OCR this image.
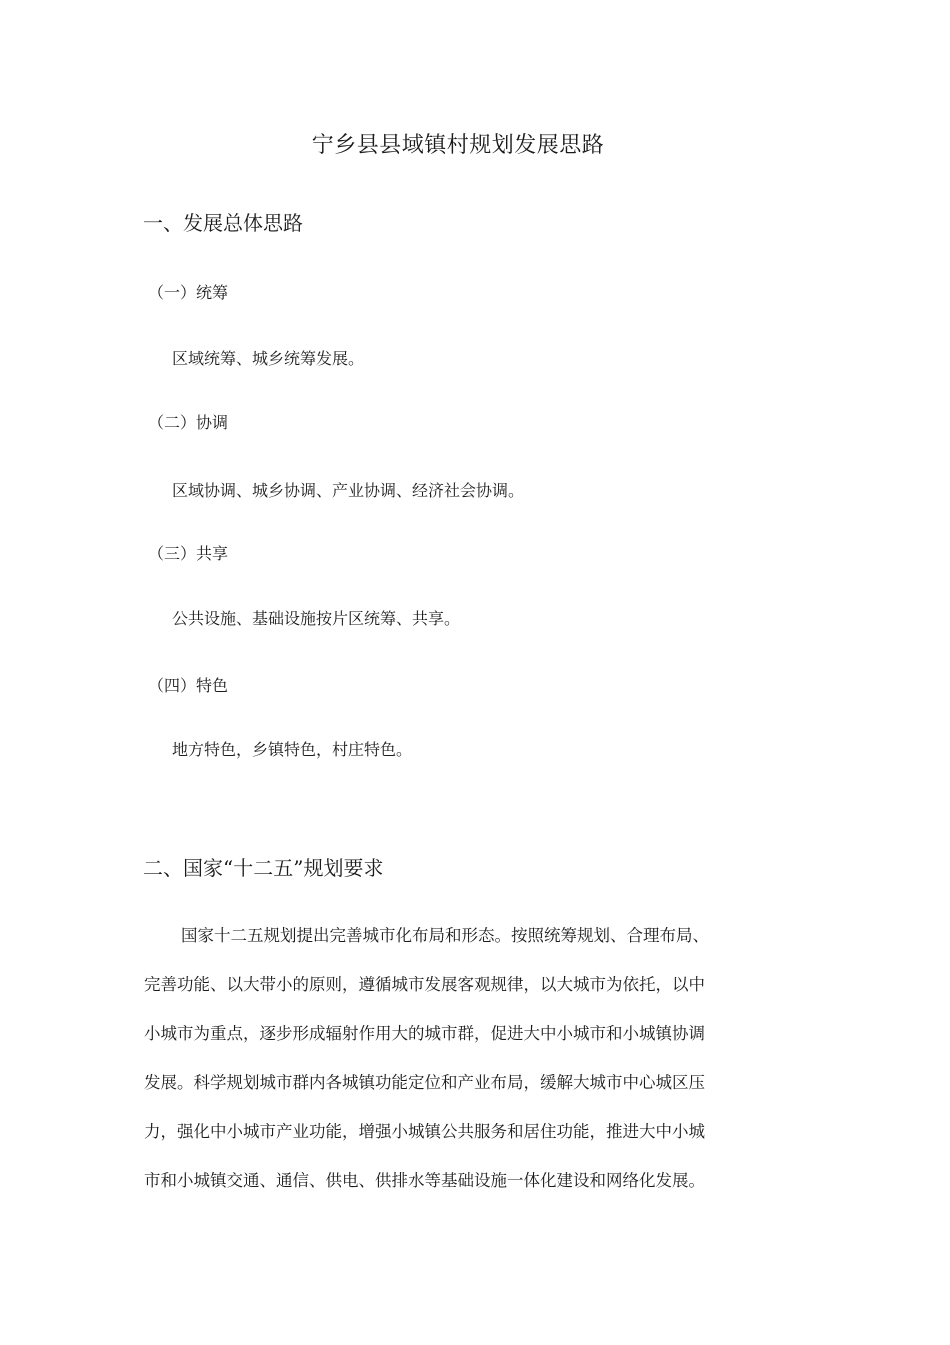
宁乡县县域镇村规划发展思路
一、发展总体思路
（一）统筹
区域统筹、城乡统筹发展。
（二）协调
区域协调、城乡协调、产业协调、经济社会协调。
（三）共享
公共设施、基础设施按片区统筹、共享。
（四）特色
地方特色，乡镇特色，村庄特色。
二、国家“十二五”规划要求
国家十二五规划提出完善城市化布局和形态。按照统筹规划、合理布局、
完善功能、以大带小的原则，遵循城市发展客观规律，以大城市为依托，以中
小城市为重点，逐步形成辐射作用大的城市群，促进大中小城市和小城镇协调
发展。科学规划城市群内各城镇功能定位和产业布局，缓解大城市中心城区压
力，强化中小城市产业功能，增强小城镇公共服务和居住功能，推进大中小城
市和小城镇交通、通信、供电、供排水等基础设施一体化建设和网络化发展。
